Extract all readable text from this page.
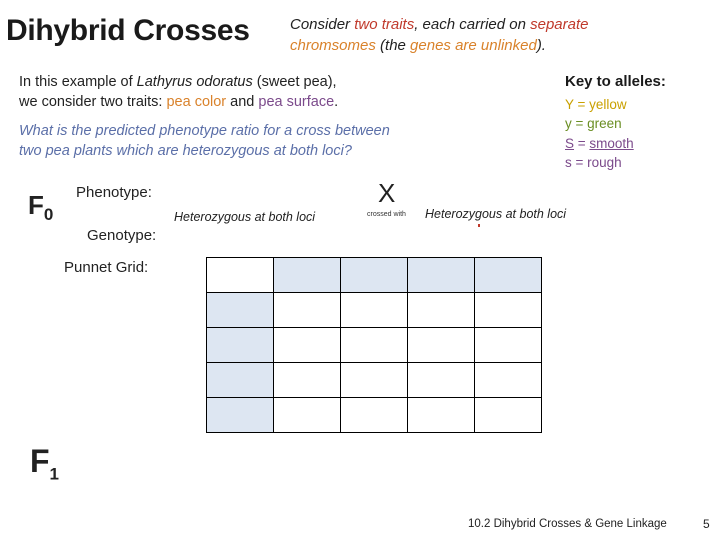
Dihybrid Crosses	Consider two traits, each carried on separate
chromsomes (the genes are unlinked).
In this example of Lathyrus odoratus (sweet pea),
we consider two traits: pea color and pea surface.
What is the predicted phenotype ratio for a cross between
two pea plants which are heterozygous at both loci?
Key to alleles:
Y = yellow
y = green
S = smooth
s = rough
$F_0$
Phenotype:
Genotype:
Punnet Grid:
Heterozygous at both loci
X
crossed with Heterozygous at both loci

$F_1$
10.2 Dihybrid Crosses & Gene Linkage	5
